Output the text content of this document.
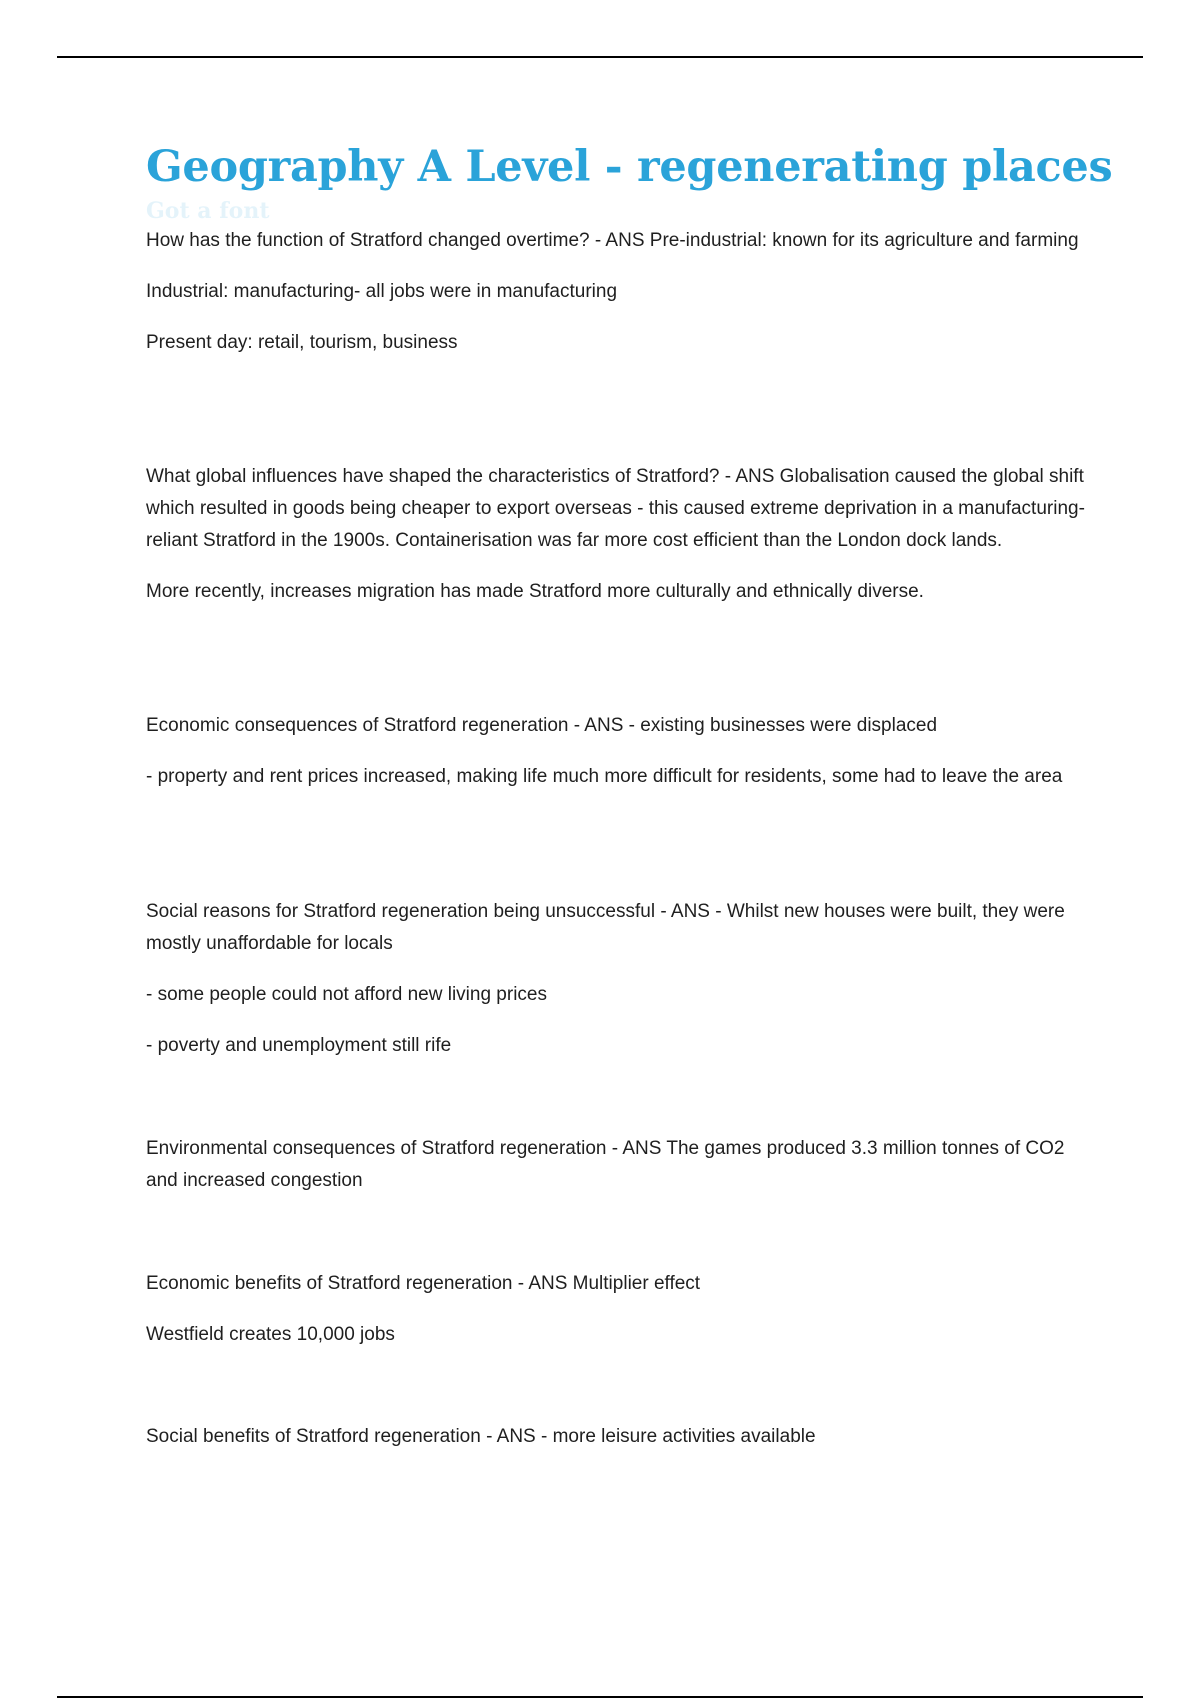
Geography A Level - regenerating places
Got a font

How has the function of Stratford changed overtime? - ANS Pre-industrial: known for its agriculture and farming

Industrial: manufacturing- all jobs were in manufacturing

Present day: retail, tourism, business

What global influences have shaped the characteristics of Stratford? - ANS Globalisation caused the global shift which resulted in goods being cheaper to export overseas - this caused extreme deprivation in a manufacturing-reliant Stratford in the 1900s. Containerisation was far more cost efficient than the London dock lands.

More recently, increases migration has made Stratford more culturally and ethnically diverse.

Economic consequences of Stratford regeneration - ANS - existing businesses were displaced

- property and rent prices increased, making life much more difficult for residents, some had to leave the area

Social reasons for Stratford regeneration being unsuccessful - ANS - Whilst new houses were built, they were mostly unaffordable for locals

- some people could not afford new living prices

- poverty and unemployment still rife

Environmental consequences of Stratford regeneration - ANS The games produced 3.3 million tonnes of CO2 and increased congestion

Economic benefits of Stratford regeneration - ANS Multiplier effect

Westfield creates 10,000 jobs

Social benefits of Stratford regeneration - ANS - more leisure activities available
